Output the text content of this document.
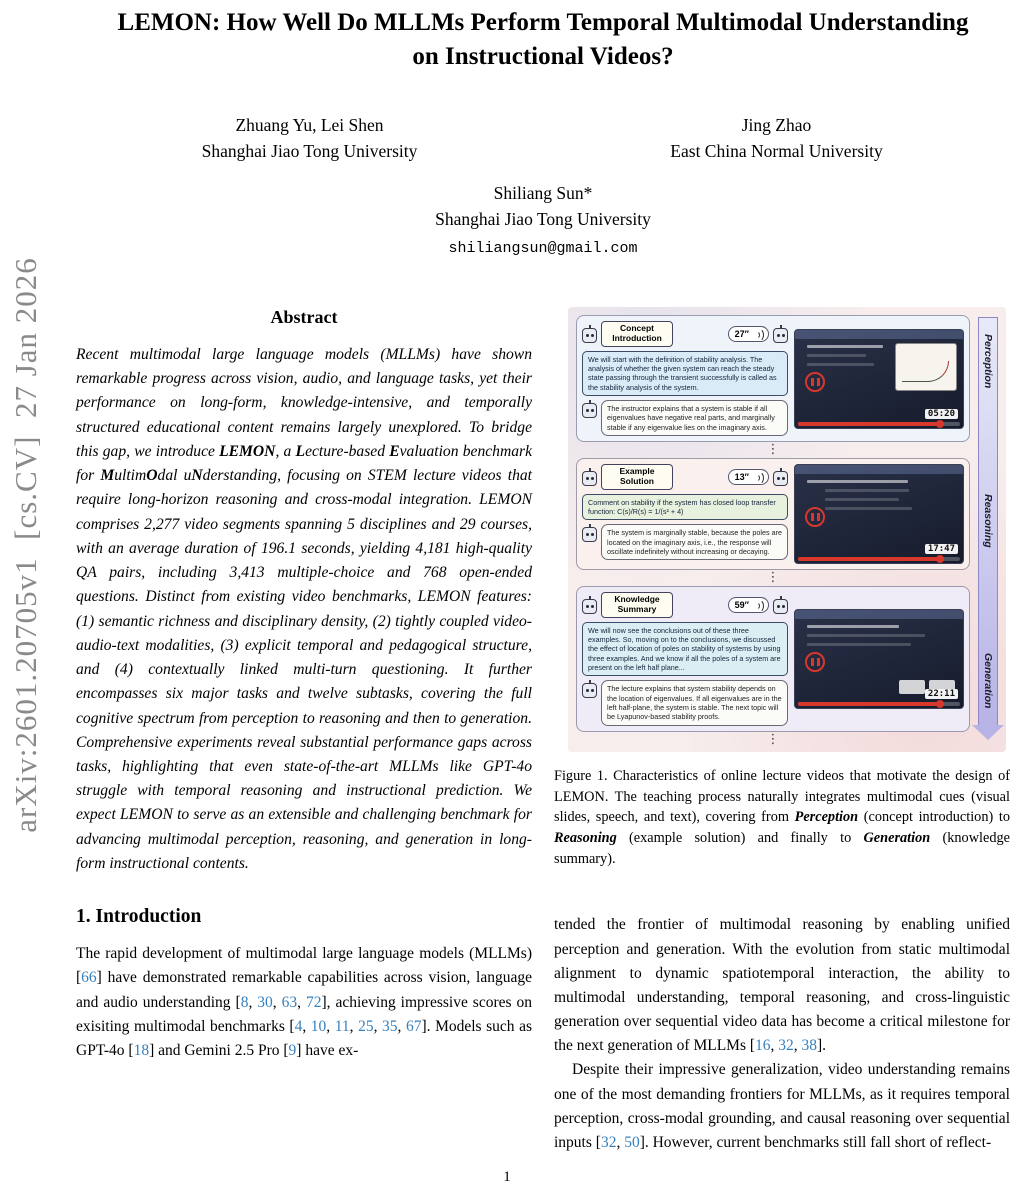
arXiv:2601.20705v1  [cs.CV]  27 Jan 2026
LEMON: How Well Do MLLMs Perform Temporal Multimodal Understanding
on Instructional Videos?
Zhuang Yu, Lei Shen
Shanghai Jiao Tong University
Jing Zhao
East China Normal University
Shiliang Sun*
Shanghai Jiao Tong University
shiliangsun@gmail.com
Abstract

Recent multimodal large language models (MLLMs) have shown remarkable progress across vision, audio, and language tasks, yet their performance on long-form, knowledge-intensive, and temporally structured educational content remains largely unexplored. To bridge this gap, we introduce LEMON, a Lecture-based Evaluation benchmark for MultimOdal uNderstanding, focusing on STEM lecture videos that require long-horizon reasoning and cross-modal integration. LEMON comprises 2,277 video segments spanning 5 disciplines and 29 courses, with an average duration of 196.1 seconds, yielding 4,181 high-quality QA pairs, including 3,413 multiple-choice and 768 open-ended questions. Distinct from existing video benchmarks, LEMON features: (1) semantic richness and disciplinary density, (2) tightly coupled video-audio-text modalities, (3) explicit temporal and pedagogical structure, and (4) contextually linked multi-turn questioning. It further encompasses six major tasks and twelve subtasks, covering the full cognitive spectrum from perception to reasoning and then to generation. Comprehensive experiments reveal substantial performance gaps across tasks, highlighting that even state-of-the-art MLLMs like GPT-4o struggle with temporal reasoning and instructional prediction. We expect LEMON to serve as an extensible and challenging benchmark for advancing multimodal perception, reasoning, and generation in long-form instructional contents.

1. Introduction

The rapid development of multimodal large language models (MLLMs) [66] have demonstrated remarkable capabilities across vision, language and audio understanding [8, 30, 63, 72], achieving impressive scores on exisiting multimodal benchmarks [4, 10, 11, 25, 35, 67]. Models such as GPT-4o [18] and Gemini 2.5 Pro [9] have ex-

Concept Introduction	27″
We will start with the definition of stability analysis. The analysis of whether the given system can reach the steady state passing through the transient successfully is called as the stability analysis of the system.
The instructor explains that a system is stable if all eigenvalues have negative real parts, and marginally stable if any eigenvalue lies on the imaginary axis.
05:20
⋮
Example Solution	13″
Comment on stability if the system has closed loop transfer function: C(s)/R(s) = 1/(s² + 4)
The system is marginally stable, because the poles are located on the imaginary axis, i.e., the response will oscillate indefinitely without increasing or decaying.	17:47
⋮
Knowledge Summary	59″
We will now see the conclusions out of these three examples. So, moving on to the conclusions, we discussed the effect of location of poles on stability of systems by using three examples. And we know if all the poles of a system are present on the left half plane...
The lecture explains that system stability depends on the location of eigenvalues. If all eigenvalues are in the left half-plane, the system is stable. The next topic will be Lyapunov-based stability proofs.
22:11
⋮
Perception
Reasoning
Generation

Figure 1. Characteristics of online lecture videos that motivate the design of LEMON. The teaching process naturally integrates multimodal cues (visual slides, speech, and text), covering from Perception (concept introduction) to Reasoning (example solution) and finally to Generation (knowledge summary).

tended the frontier of multimodal reasoning by enabling unified perception and generation. With the evolution from static multimodal alignment to dynamic spatiotemporal interaction, the ability to multimodal understanding, temporal reasoning, and cross-linguistic generation over sequential video data has become a critical milestone for the next generation of MLLMs [16, 32, 38].

Despite their impressive generalization, video understanding remains one of the most demanding frontiers for MLLMs, as it requires temporal perception, cross-modal grounding, and causal reasoning over sequential inputs [32, 50]. However, current benchmarks still fall short of reflect-

1
